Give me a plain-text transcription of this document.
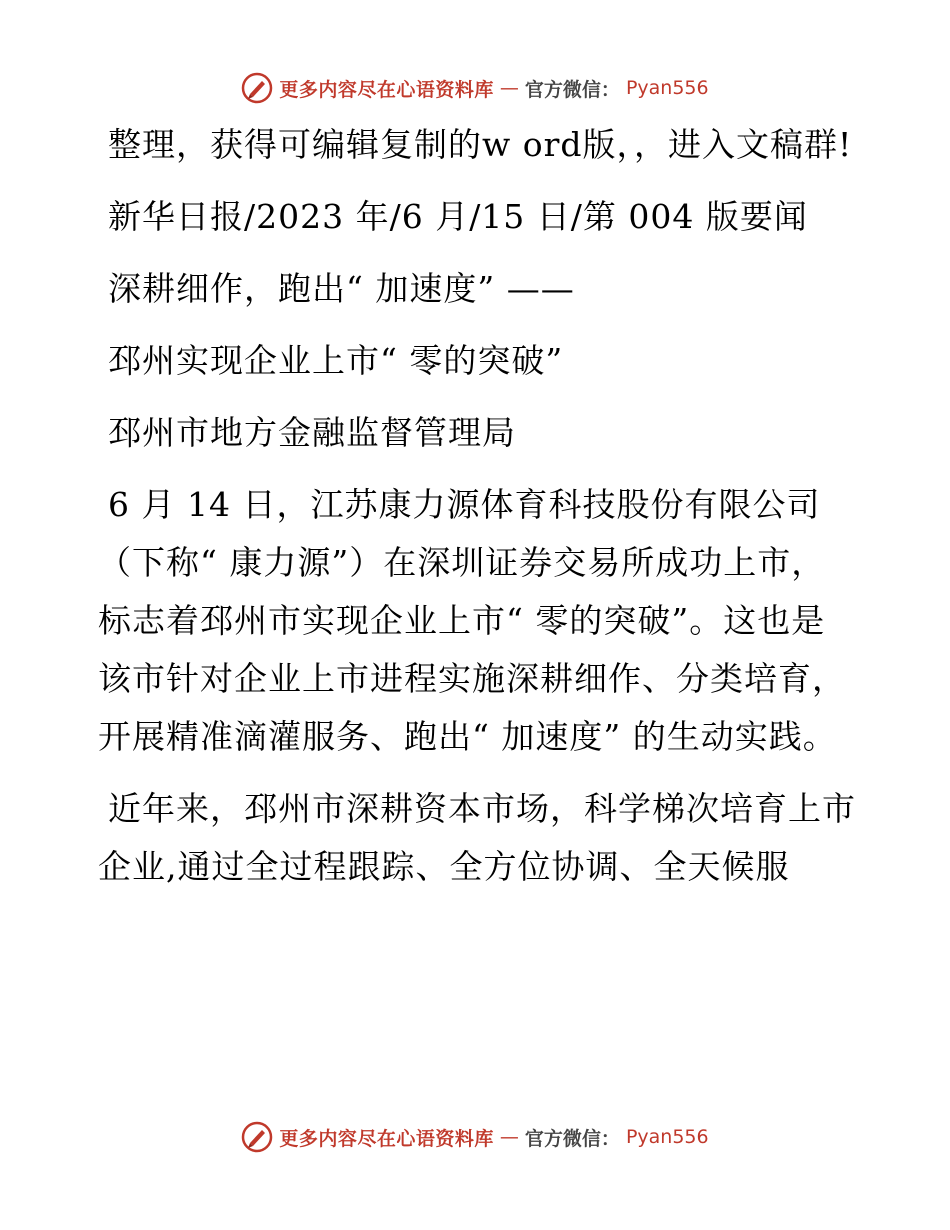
更多内容尽在心语资料库 — 官方微信： Pyan556

整理，获得可编辑复制的w ord版，，进入文稿群!

新华日报/2023 年/6 月/15 日/第 004 版要闻

深耕细作，跑出“ 加速度” ——

邳州实现企业上市“ 零的突破”

邳州市地方金融监督管理局

6 月 14 日，江苏康力源体育科技股份有限公司（下称“ 康力源”）在深圳证券交易所成功上市，标志着邳州市实现企业上市“ 零的突破”。这也是该市针对企业上市进程实施深耕细作、分类培育，开展精准滴灌服务、跑出“ 加速度” 的生动实践。

近年来，邳州市深耕资本市场，科学梯次培育上市企业,通过全过程跟踪、全方位协调、全天候服

更多内容尽在心语资料库 — 官方微信： Pyan556
